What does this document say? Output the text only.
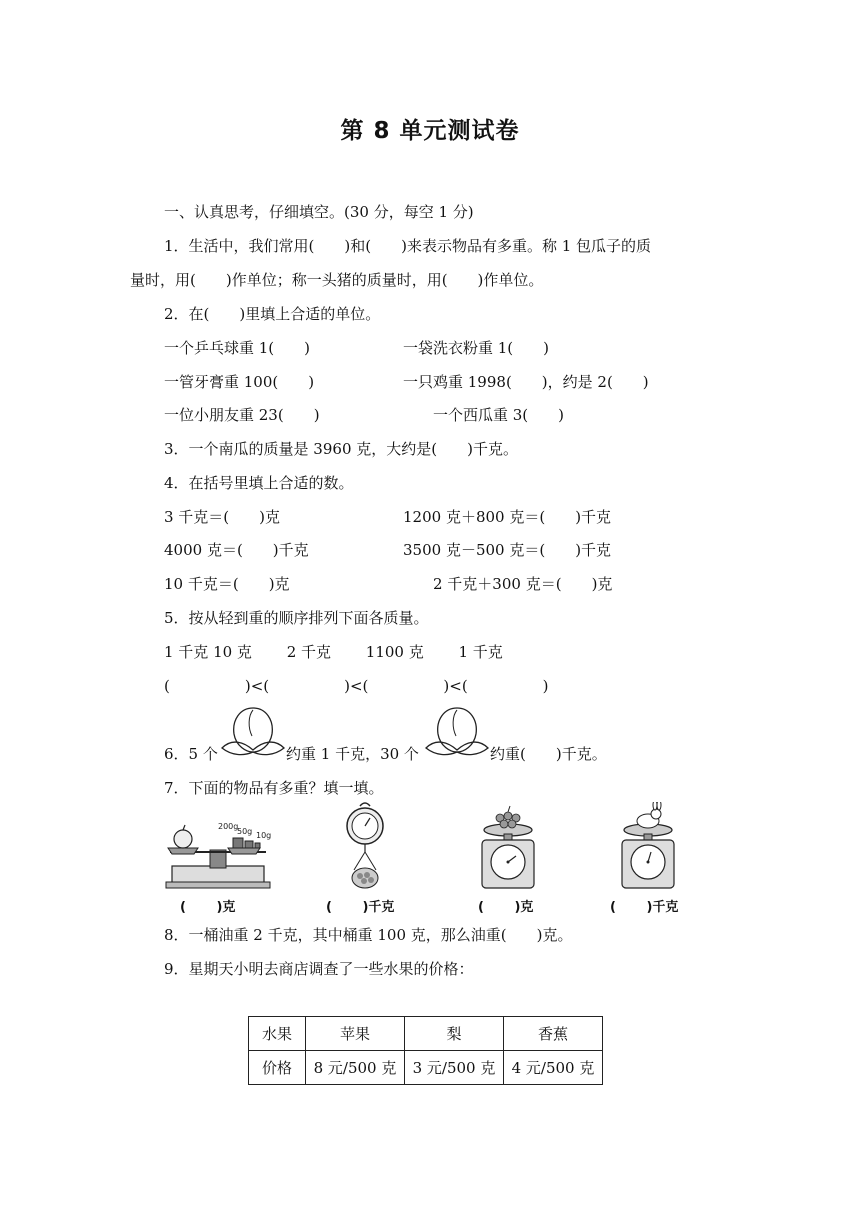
第 8 单元测试卷
一、认真思考，仔细填空。(30 分，每空 1 分)
1．生活中，我们常用(　　)和(　　)来表示物品有多重。称 1 包瓜子的质
量时，用(　　)作单位；称一头猪的质量时，用(　　)作单位。
2．在(　　)里填上合适的单位。
一个乒乓球重 1(　　)	一袋洗衣粉重 1(　　)
一管牙膏重 100(　　)	一只鸡重 1998(　　)，约是 2(　　)
一位小朋友重 23(　　)	一个西瓜重 3(　　)
3．一个南瓜的质量是 3960 克，大约是(　　)千克。
4．在括号里填上合适的数。
3 千克＝(　　)克	1200 克＋800 克＝(　　)千克
4000 克＝(　　)千克	3500 克－500 克＝(　　)千克
10 千克＝(　　)克	2 千克＋300 克＝(　　)克
5．按从轻到重的顺序排列下面各质量。
1 千克 10 克　　 2 千克　　 1100 克　　 1 千克
(　　　　　)<(　　　　　)<(　　　　　)<(　　　　　)
6．5 个	约重 1 千克，30 个	约重(　　)千克。
7．下面的物品有多重？填一填。
200g
50g 10g
(　　 )克	(　　 )千克	(　　 )克	(　　 )千克
8．一桶油重 2 千克，其中桶重 100 克，那么油重(　　)克。
9．星期天小明去商店调查了一些水果的价格：
水果	苹果	梨	香蕉
价格	8 元/500 克	3 元/500 克	4 元/500 克
